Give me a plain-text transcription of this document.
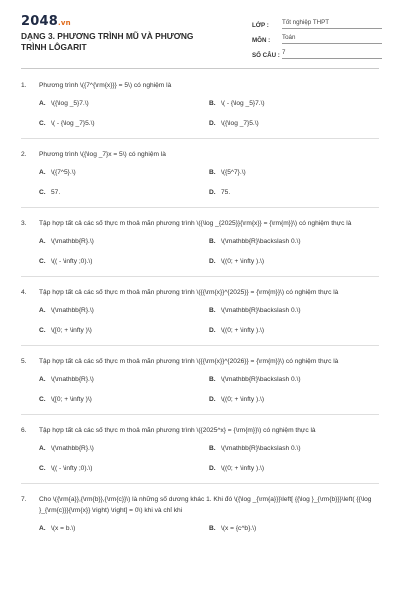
2048.vn
DẠNG 3. PHƯƠNG TRÌNH MŨ VÀ PHƯƠNG TRÌNH LÔGARIT
LỚP :	Tốt nghiệp THPT
MÔN :	Toán
SỐ CÂU : 7
1.	Phương trình \({7^{\rm{x}}} = 5\) có nghiệm là
A. \({\log _5}7.\)	B. \( - {\log _5}7.\)
C. \( - {\log _7}5.\)	D. \({\log _7}5.\)
2.	Phương trình \({\log _7}x = 5\) có nghiệm là
A. \({7^5}.\)	B. \({5^7}.\)
C. 57.	D. 75.
3.	Tập hợp tất cả các số thực m thoả mãn phương trình \({\log _{2025}}{\rm{x}} = {\rm{m}}\) có nghiệm thực là
A. \(\mathbb{R}.\)	B. \(\mathbb{R}\backslash 0.\)
C. \(( - \infty ;0).\)	D. \((0; + \infty ).\)
4.	Tập hợp tất cả các số thực m thoả mãn phương trình \({{\rm{x}}^{2025}} = {\rm{m}}\) có nghiệm thực là
A. \(\mathbb{R}.\)	B. \(\mathbb{R}\backslash 0.\)
C. \([0; + \infty )\)	D. \((0; + \infty ).\)
5.	Tập hợp tất cả các số thực m thoả mãn phương trình \({{\rm{x}}^{2026}} = {\rm{m}}\) có nghiệm thực là
A. \(\mathbb{R}.\)	B. \(\mathbb{R}\backslash 0.\)
C. \([0; + \infty )\)	D. \((0; + \infty ).\)
6.	Tập hợp tất cả các số thực m thoả mãn phương trình \({2025^x} = {\rm{m}}\) có nghiệm thực là
A. \(\mathbb{R}.\)	B. \(\mathbb{R}\backslash 0.\)
C. \(( - \infty ;0).\)	D. \((0; + \infty ).\)
7.	Cho \({\rm{a}},{\rm{b}},{\rm{c}}\) là những số dương khác 1. Khi đó \({\log _{\rm{a}}}\left[ {{\log }_{\rm{b}}}\left( {{\log }_{\rm{c}}}{\rm{x}} \right) \right] = 0\) khi và chỉ khi
A. \(x = b.\)	B. \(x = {c^b}.\)
